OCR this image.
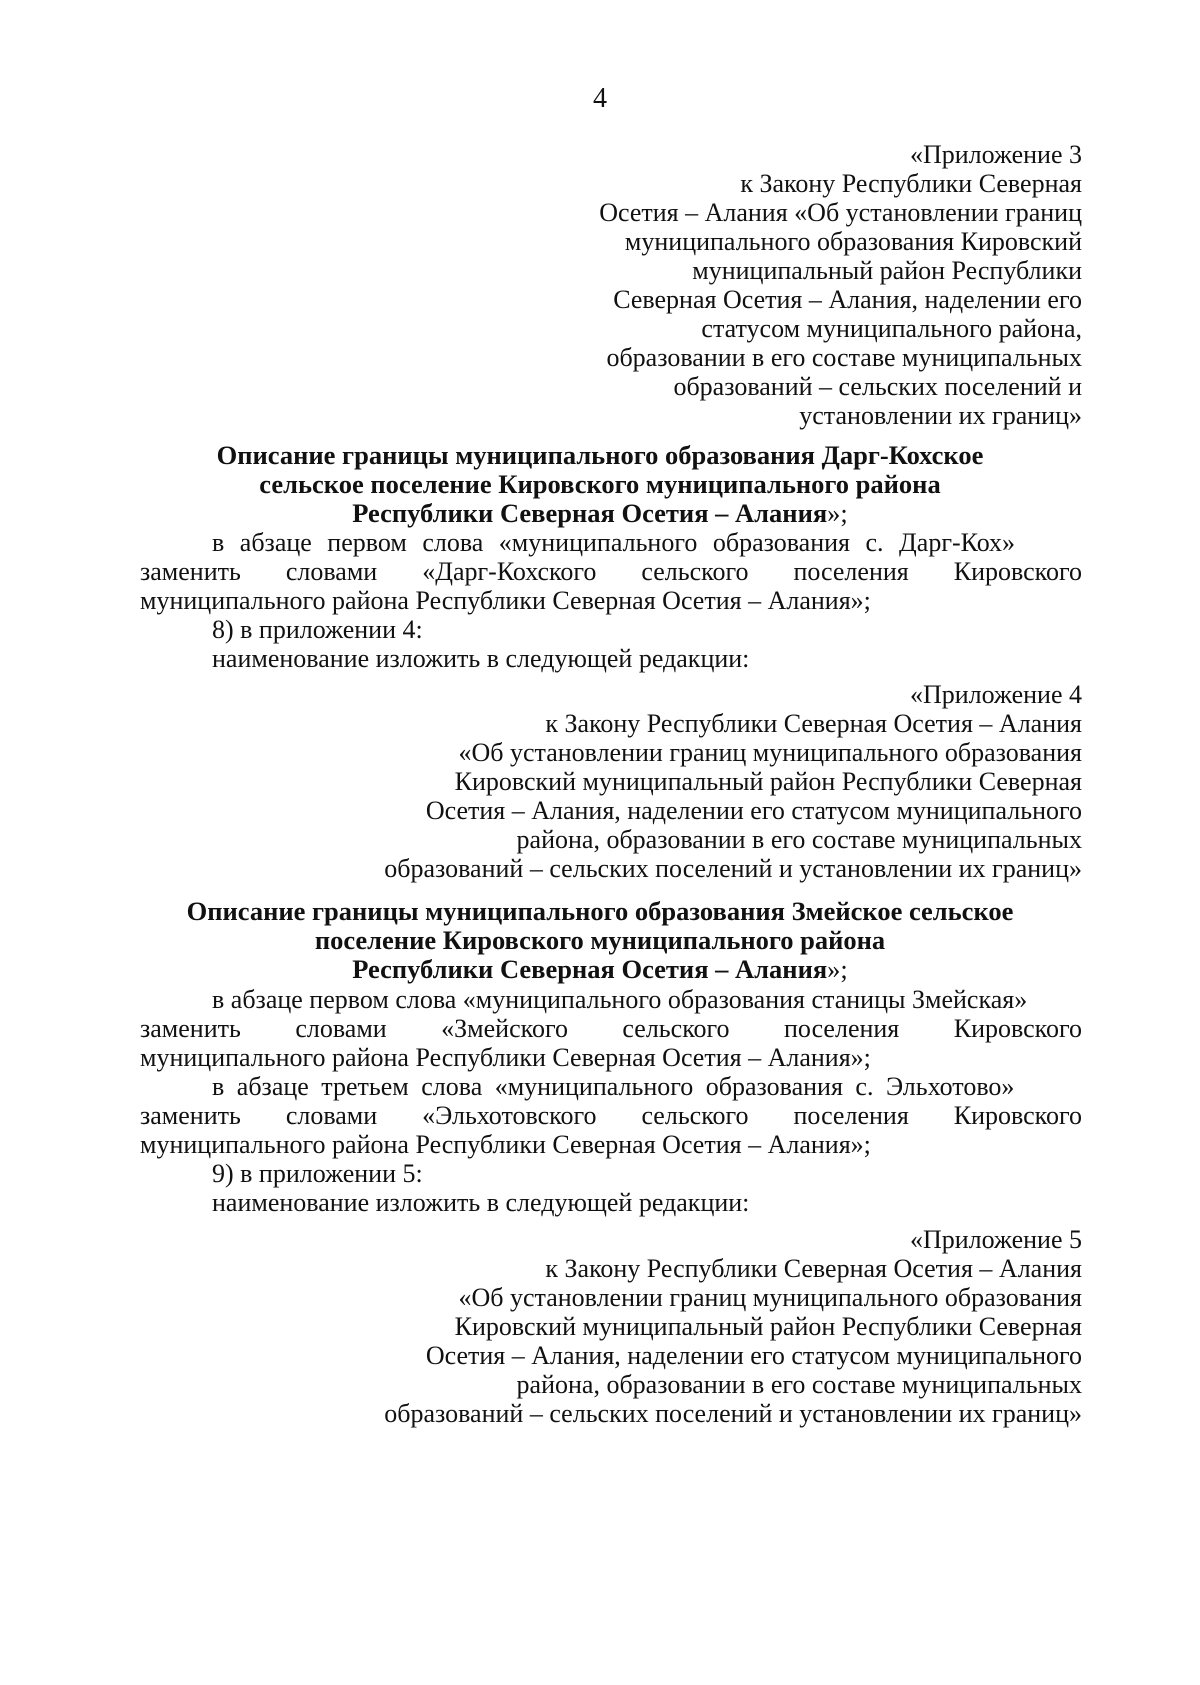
4
«Приложение 3
к Закону Республики Северная
Осетия – Алания «Об установлении границ
муниципального образования Кировский
муниципальный район Республики
Северная Осетия – Алания, наделении его
статусом муниципального района,
образовании в его составе муниципальных
образований – сельских поселений и
установлении их границ»
Описание границы муниципального образования Дарг-Кохское
сельское поселение Кировского муниципального района
Республики Северная Осетия – Алания»;
в абзаце первом слова «муниципального образования с. Дарг-Кох»
заменить словами «Дарг-Кохского сельского поселения Кировского
муниципального района Республики Северная Осетия – Алания»;
8) в приложении 4:
наименование изложить в следующей редакции:
«Приложение 4
к Закону Республики Северная Осетия – Алания
«Об установлении границ муниципального образования
Кировский муниципальный район Республики Северная
Осетия – Алания, наделении его статусом муниципального
района, образовании в его составе муниципальных
образований – сельских поселений и установлении их границ»
Описание границы муниципального образования Змейское сельское
поселение Кировского муниципального района
Республики Северная Осетия – Алания»;
в абзаце первом слова «муниципального образования станицы Змейская»
заменить словами «Змейского сельского поселения Кировского
муниципального района Республики Северная Осетия – Алания»;
в абзаце третьем слова «муниципального образования с. Эльхотово»
заменить словами «Эльхотовского сельского поселения Кировского
муниципального района Республики Северная Осетия – Алания»;
9) в приложении 5:
наименование изложить в следующей редакции:
«Приложение 5
к Закону Республики Северная Осетия – Алания
«Об установлении границ муниципального образования
Кировский муниципальный район Республики Северная
Осетия – Алания, наделении его статусом муниципального
района, образовании в его составе муниципальных
образований – сельских поселений и установлении их границ»
